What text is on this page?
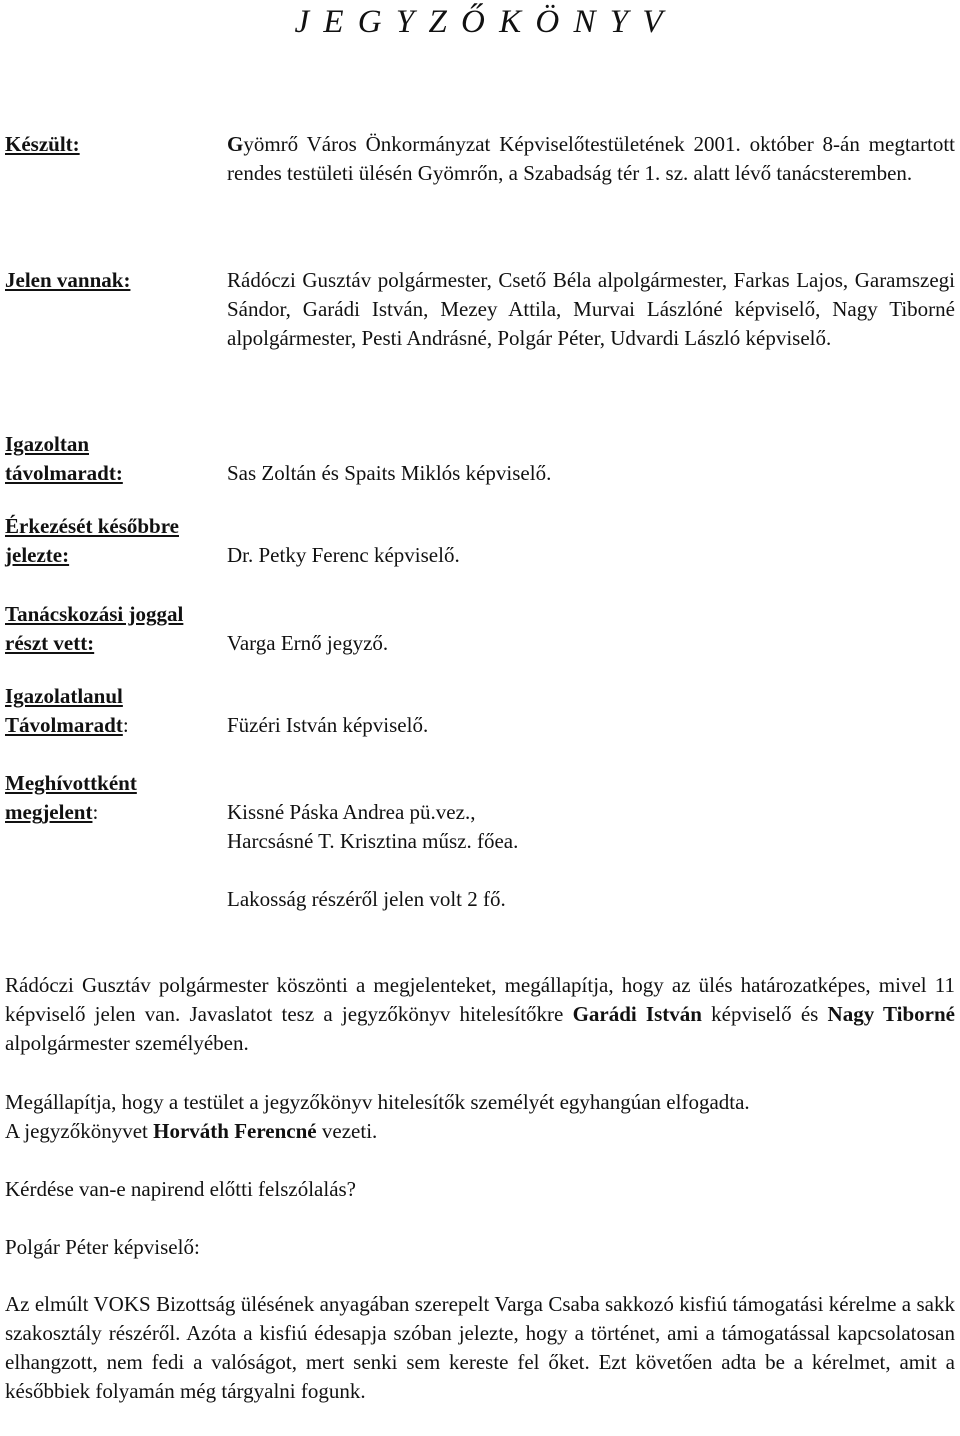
J E G Y Z Ő K Ö N Y V
Készült:	Gyömrő Város Önkormányzat Képviselőtestületének 2001. október 8-án megtartott rendes testületi ülésén Gyömrőn, a Szabadság tér 1. sz. alatt lévő tanácsteremben.
Jelen vannak:	Rádóczi Gusztáv polgármester, Csető Béla alpolgármester, Farkas Lajos, Garamszegi Sándor, Garádi István, Mezey Attila, Murvai Lászlóné képviselő, Nagy Tiborné alpolgármester, Pesti Andrásné, Polgár Péter, Udvardi László képviselő.
Igazoltan
távolmaradt:	Sas Zoltán és Spaits Miklós képviselő.
Érkezését későbbre
jelezte:	Dr. Petky Ferenc képviselő.
Tanácskozási joggal
részt vett:	Varga Ernő jegyző.
Igazolatlanul
Távolmaradt:	Füzéri István képviselő.
Meghívottként
megjelent:	Kissné Páska Andrea pü.vez.,
Harcsásné T. Krisztina műsz. főea.
Lakosság részéről jelen volt 2 fő.
Rádóczi Gusztáv polgármester köszönti a megjelenteket, megállapítja, hogy az ülés határozatképes, mivel 11 képviselő jelen van. Javaslatot tesz a jegyzőkönyv hitelesítőkre Garádi István képviselő és Nagy Tiborné alpolgármester személyében.
Megállapítja, hogy a testület a jegyzőkönyv hitelesítők személyét egyhangúan elfogadta.
A jegyzőkönyvet Horváth Ferencné vezeti.
Kérdése van-e napirend előtti felszólalás?
Polgár Péter képviselő:
Az elmúlt VOKS Bizottság ülésének anyagában szerepelt Varga Csaba sakkozó kisfiú támogatási kérelme a sakk szakosztály részéről. Azóta a kisfiú édesapja szóban jelezte, hogy a történet, ami a támogatással kapcsolatosan elhangzott, nem fedi a valóságot, mert senki sem kereste fel őket. Ezt követően adta be a kérelmet, amit a későbbiek folyamán még tárgyalni fogunk.
